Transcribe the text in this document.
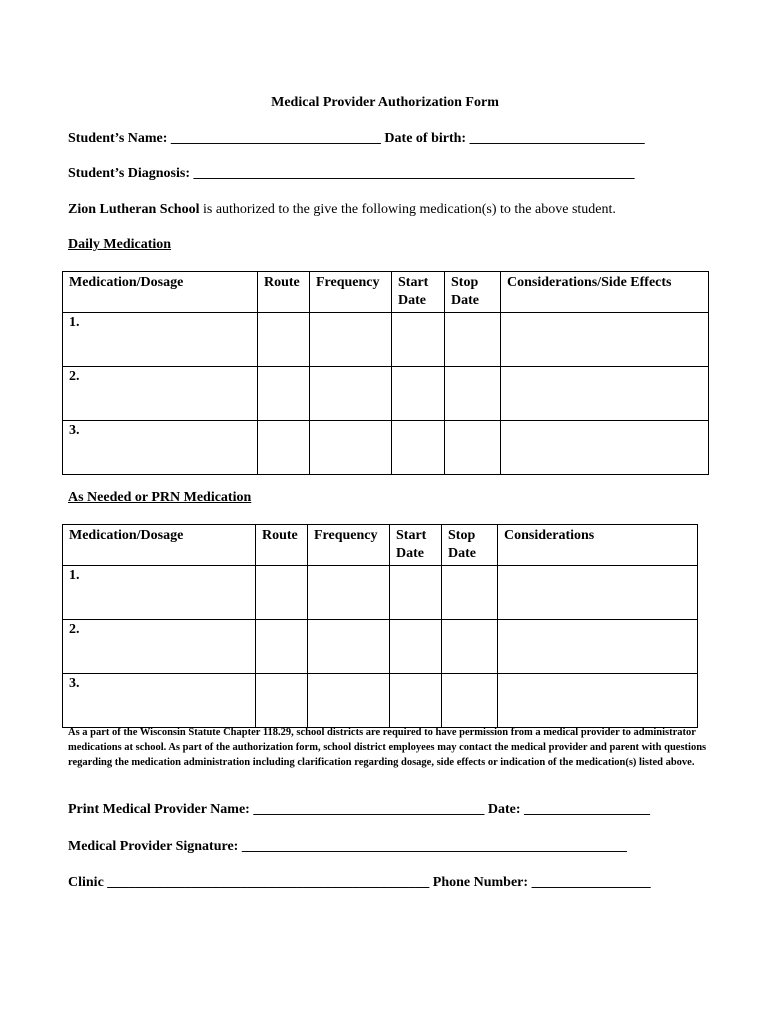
Medical Provider Authorization Form
Student’s Name: ______________________________ Date of birth: _________________________
Student’s Diagnosis: _______________________________________________________________
Zion Lutheran School is authorized to the give the following medication(s) to the above student.
Daily Medication
Medication/Dosage	Route	Frequency	Start Date	Stop Date	Considerations/Side Effects
1.					
2.					
3.					
As Needed or PRN Medication
Medication/Dosage	Route	Frequency	Start Date	Stop Date	Considerations
1.					
2.					
3.					
As a part of the Wisconsin Statute Chapter 118.29, school districts are required to have permission from a medical provider to administrator medications at school. As part of the authorization form, school district employees may contact the medical provider and parent with questions regarding the medication administration including clarification regarding dosage, side effects or indication of the medication(s) listed above.
Print Medical Provider Name: _________________________________ Date: __________________
Medical Provider Signature: _______________________________________________________
Clinic ______________________________________________ Phone Number: _________________
